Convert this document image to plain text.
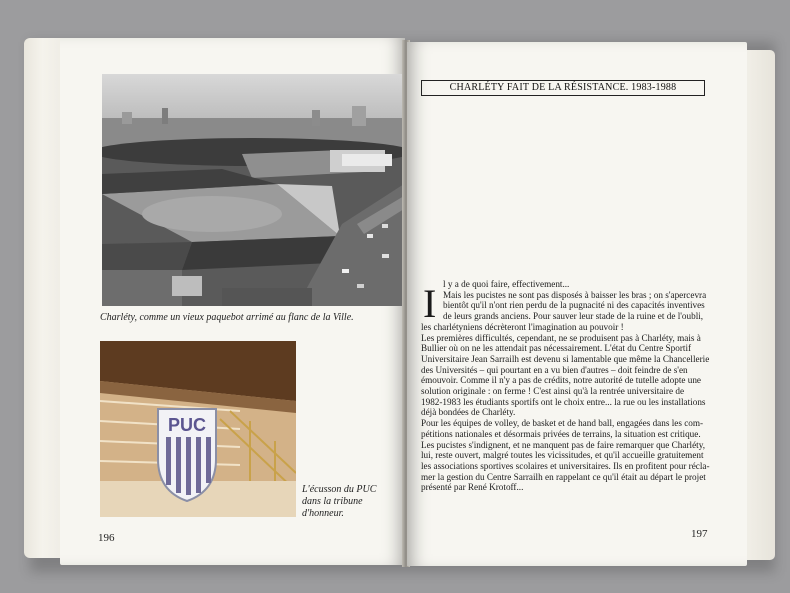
Charléty, comme un vieux paquebot arrimé au flanc de la Ville.
PUC
L'écusson du PUC
dans la tribune
d'honneur.
196
CHARLÉTY FAIT DE LA RÉSISTANCE. 1983-1988
I l y a de quoi faire, effectivement...
Mais les pucistes ne sont pas disposés à baisser les bras ; on s'apercevra
bientôt qu'il n'ont rien perdu de la pugnacité ni des capacités inventives
de leurs grands anciens. Pour sauver leur stade de la ruine et de l'oubli,
les charlétyniens décrèteront l'imagination au pouvoir !
Les premières difficultés, cependant, ne se produisent pas à Charléty, mais à
Bullier où on ne les attendait pas nécessairement. L'état du Centre Sportif
Universitaire Jean Sarrailh est devenu si lamentable que même la Chancellerie
des Universités – qui pourtant en a vu bien d'autres – doit feindre de s'en
émouvoir. Comme il n'y a pas de crédits, notre autorité de tutelle adopte une
solution originale : on ferme ! C'est ainsi qu'à la rentrée universitaire de
1982-1983 les étudiants sportifs ont le choix entre... la rue ou les installations
déjà bondées de Charléty.
Pour les équipes de volley, de basket et de hand ball, engagées dans les com-
pétitions nationales et désormais privées de terrains, la situation est critique.
Les pucistes s'indignent, et ne manquent pas de faire remarquer que Charléty,
lui, reste ouvert, malgré toutes les vicissitudes, et qu'il accueille gratuitement
les associations sportives scolaires et universitaires. Ils en profitent pour récla-
mer la gestion du Centre Sarrailh en rappelant ce qu'il était au départ le projet
présenté par René Krotoff...
197
